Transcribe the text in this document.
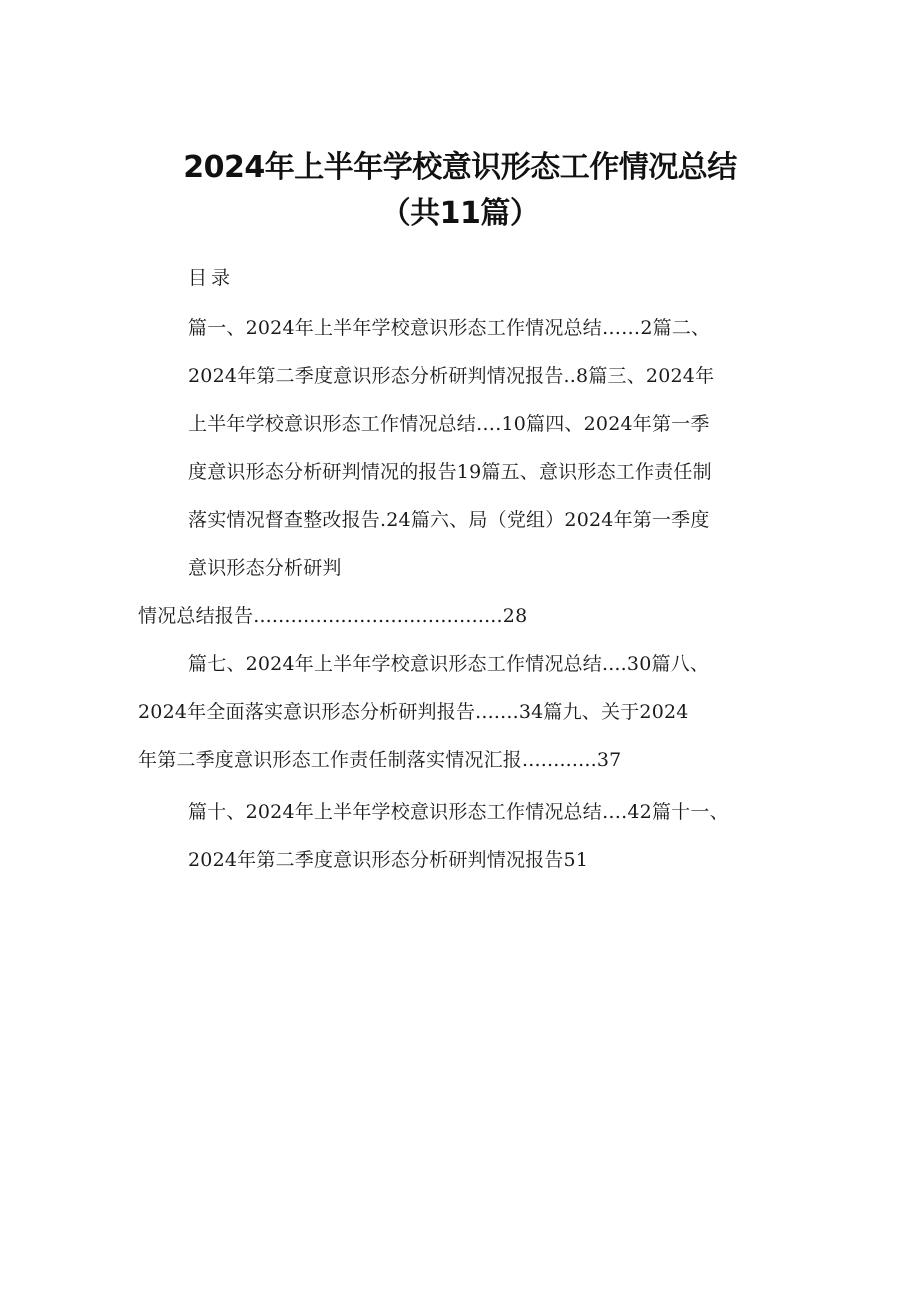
2024年上半年学校意识形态工作情况总结
（共11篇）
目录
篇一、2024年上半年学校意识形态工作情况总结……2篇二、
2024年第二季度意识形态分析研判情况报告..8篇三、2024年
上半年学校意识形态工作情况总结….10篇四、2024年第一季
度意识形态分析研判情况的报告19篇五、意识形态工作责任制
落实情况督查整改报告.24篇六、局（党组）2024年第一季度
意识形态分析研判
情况总结报告........................................28
篇七、2024年上半年学校意识形态工作情况总结....30篇八、
2024年全面落实意识形态分析研判报告.......34篇九、关于2024
年第二季度意识形态工作责任制落实情况汇报............37
篇十、2024年上半年学校意识形态工作情况总结….42篇十一、
2024年第二季度意识形态分析研判情况报告51
